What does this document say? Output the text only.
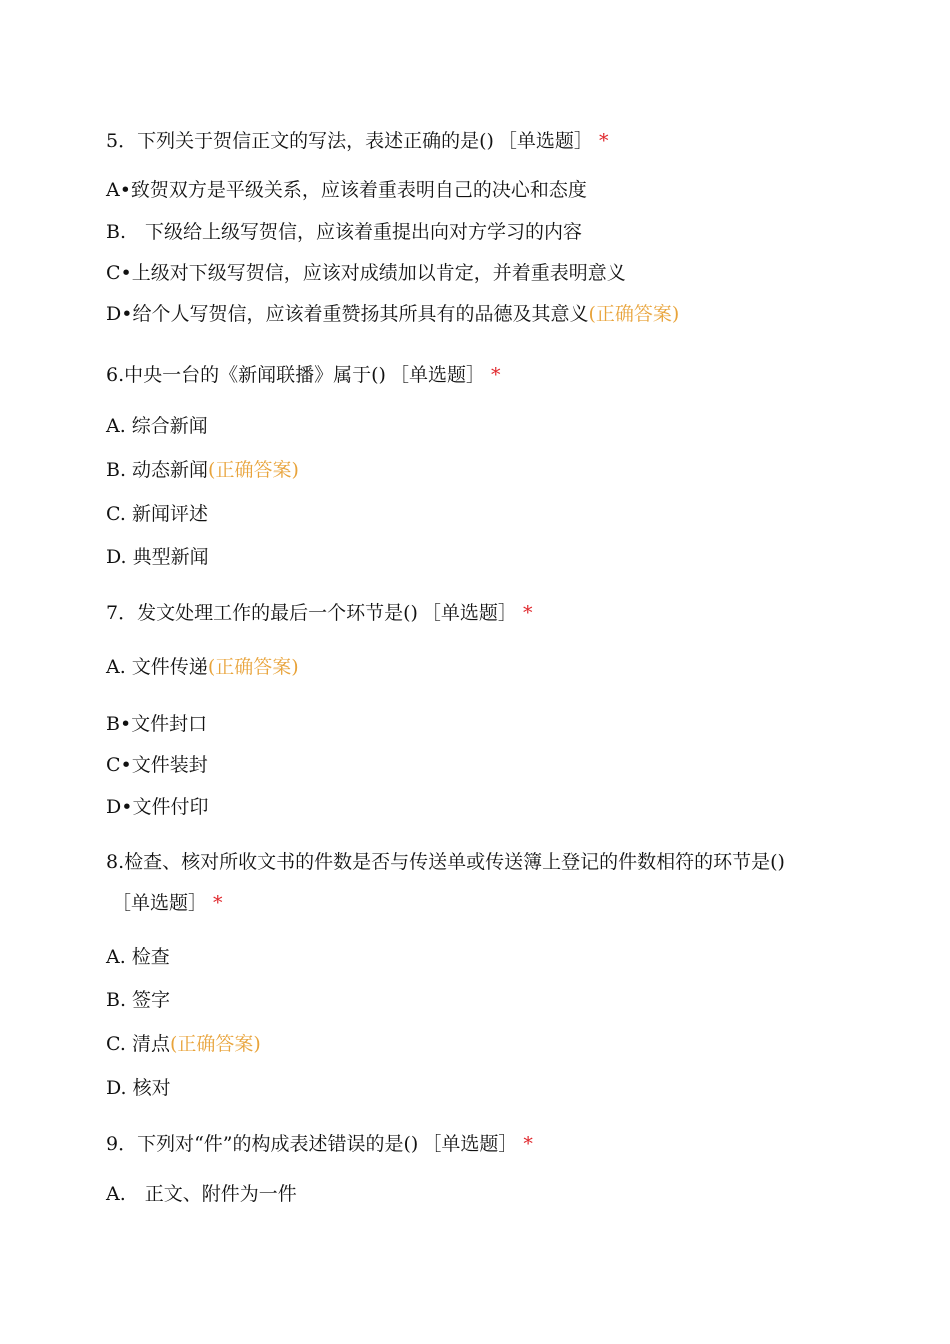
5．下列关于贺信正文的写法，表述正确的是() ［单选题］ *
A•致贺双方是平级关系，应该着重表明自己的决心和态度
B.　下级给上级写贺信，应该着重提出向对方学习的内容
C•上级对下级写贺信，应该对成绩加以肯定，并着重表明意义
D•给个人写贺信，应该着重赞扬其所具有的品德及其意义(正确答案)
6.中央一台的《新闻联播》属于() ［单选题］ *
A. 综合新闻
B. 动态新闻(正确答案)
C. 新闻评述
D. 典型新闻
7．发文处理工作的最后一个环节是() ［单选题］ *
A. 文件传递(正确答案)
B•文件封口
C•文件装封
D•文件付印
8.检查、核对所收文书的件数是否与传送单或传送簿上登记的件数相符的环节是()
［单选题］ *
A. 检查
B. 签字
C. 清点(正确答案)
D. 核对
9．下列对“件”的构成表述错误的是() ［单选题］ *
A.　正文、附件为一件
